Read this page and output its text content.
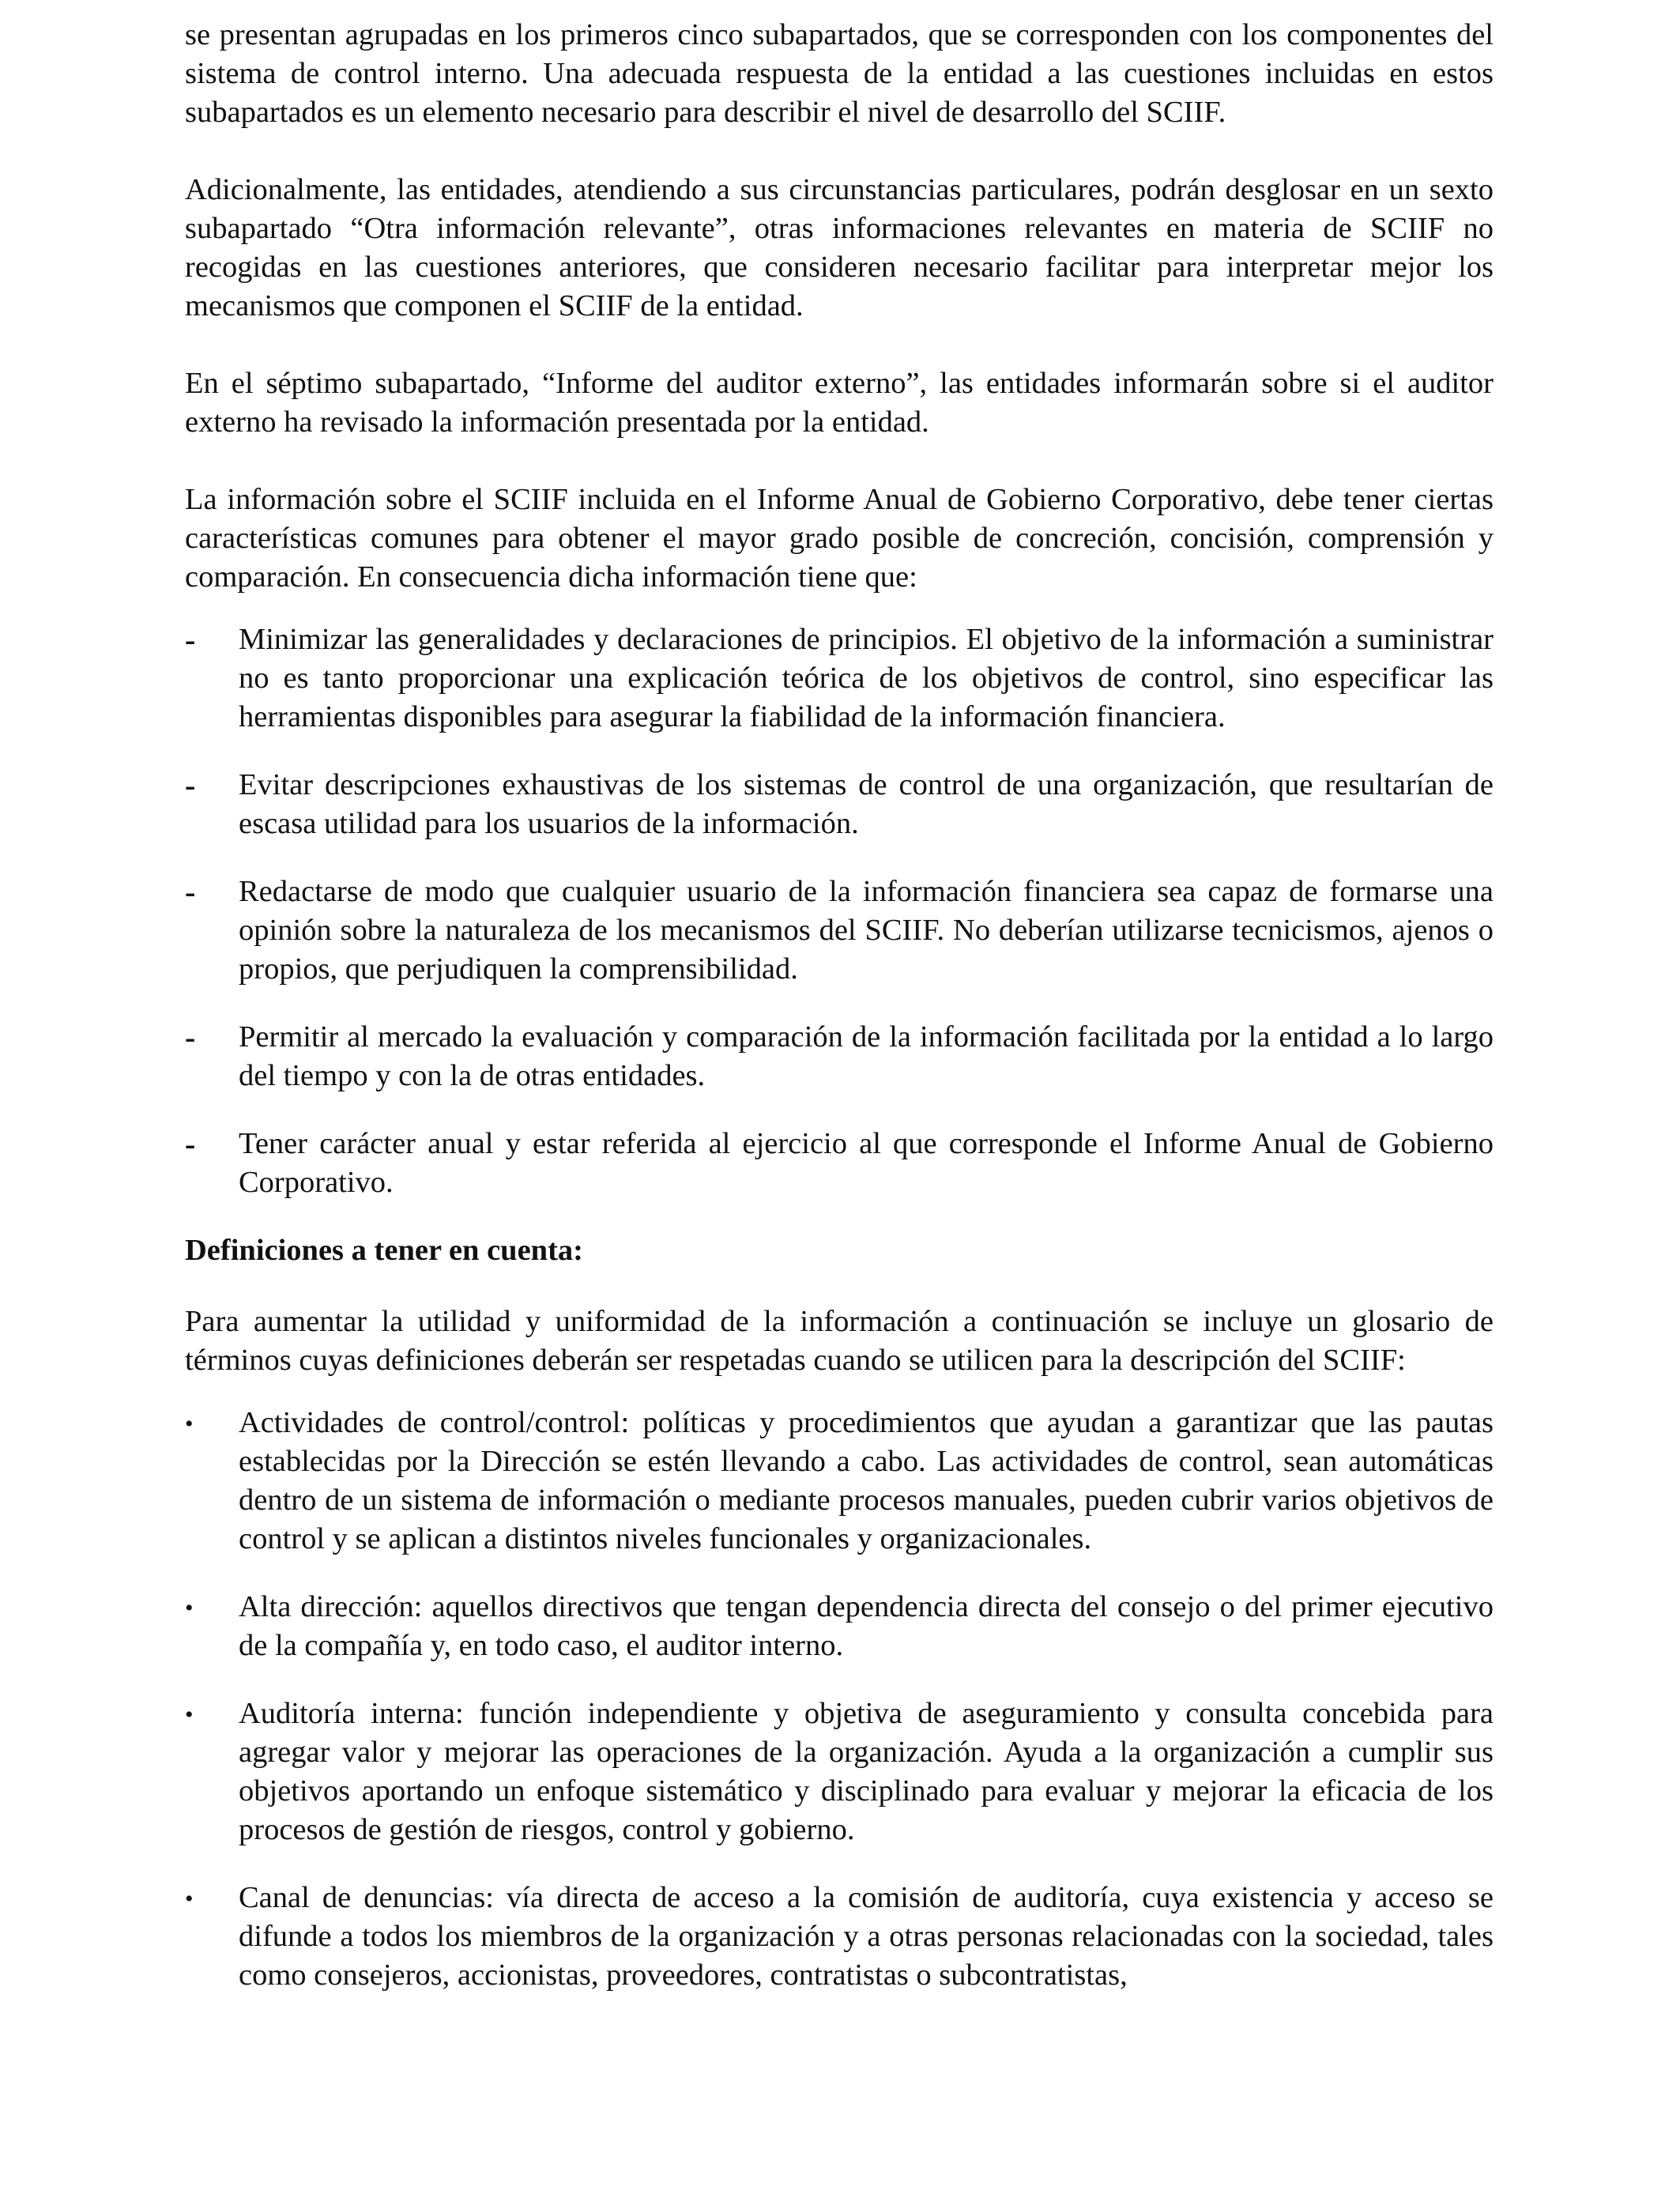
se presentan agrupadas en los primeros cinco subapartados, que se corresponden con los componentes del sistema de control interno. Una adecuada respuesta de la entidad a las cuestiones incluidas en estos subapartados es un elemento necesario para describir el nivel de desarrollo del SCIIF.

Adicionalmente, las entidades, atendiendo a sus circunstancias particulares, podrán desglosar en un sexto subapartado “Otra información relevante”, otras informaciones relevantes en materia de SCIIF no recogidas en las cuestiones anteriores, que consideren necesario facilitar para interpretar mejor los mecanismos que componen el SCIIF de la entidad.

En el séptimo subapartado, “Informe del auditor externo”, las entidades informarán sobre si el auditor externo ha revisado la información presentada por la entidad.

La información sobre el SCIIF incluida en el Informe Anual de Gobierno Corporativo, debe tener ciertas características comunes para obtener el mayor grado posible de concreción, concisión, comprensión y comparación. En consecuencia dicha información tiene que:

-	Minimizar las generalidades y declaraciones de principios. El objetivo de la información a suministrar no es tanto proporcionar una explicación teórica de los objetivos de control, sino especificar las herramientas disponibles para asegurar la fiabilidad de la información financiera.
-	Evitar descripciones exhaustivas de los sistemas de control de una organización, que resultarían de escasa utilidad para los usuarios de la información.
-	Redactarse de modo que cualquier usuario de la información financiera sea capaz de formarse una opinión sobre la naturaleza de los mecanismos del SCIIF. No deberían utilizarse tecnicismos, ajenos o propios, que perjudiquen la comprensibilidad.
-	Permitir al mercado la evaluación y comparación de la información facilitada por la entidad a lo largo del tiempo y con la de otras entidades.
-	Tener carácter anual y estar referida al ejercicio al que corresponde el Informe Anual de Gobierno Corporativo.

Definiciones a tener en cuenta:

Para aumentar la utilidad y uniformidad de la información a continuación se incluye un glosario de términos cuyas definiciones deberán ser respetadas cuando se utilicen para la descripción del SCIIF:

•	Actividades de control/control: políticas y procedimientos que ayudan a garantizar que las pautas establecidas por la Dirección se estén llevando a cabo. Las actividades de control, sean automáticas dentro de un sistema de información o mediante procesos manuales, pueden cubrir varios objetivos de control y se aplican a distintos niveles funcionales y organizacionales.
•	Alta dirección: aquellos directivos que tengan dependencia directa del consejo o del primer ejecutivo de la compañía y, en todo caso, el auditor interno.
•	Auditoría interna: función independiente y objetiva de aseguramiento y consulta concebida para agregar valor y mejorar las operaciones de la organización. Ayuda a la organización a cumplir sus objetivos aportando un enfoque sistemático y disciplinado para evaluar y mejorar la eficacia de los procesos de gestión de riesgos, control y gobierno.
•	Canal de denuncias: vía directa de acceso a la comisión de auditoría, cuya existencia y acceso se difunde a todos los miembros de la organización y a otras personas relacionadas con la sociedad, tales como consejeros, accionistas, proveedores, contratistas o subcontratistas,
